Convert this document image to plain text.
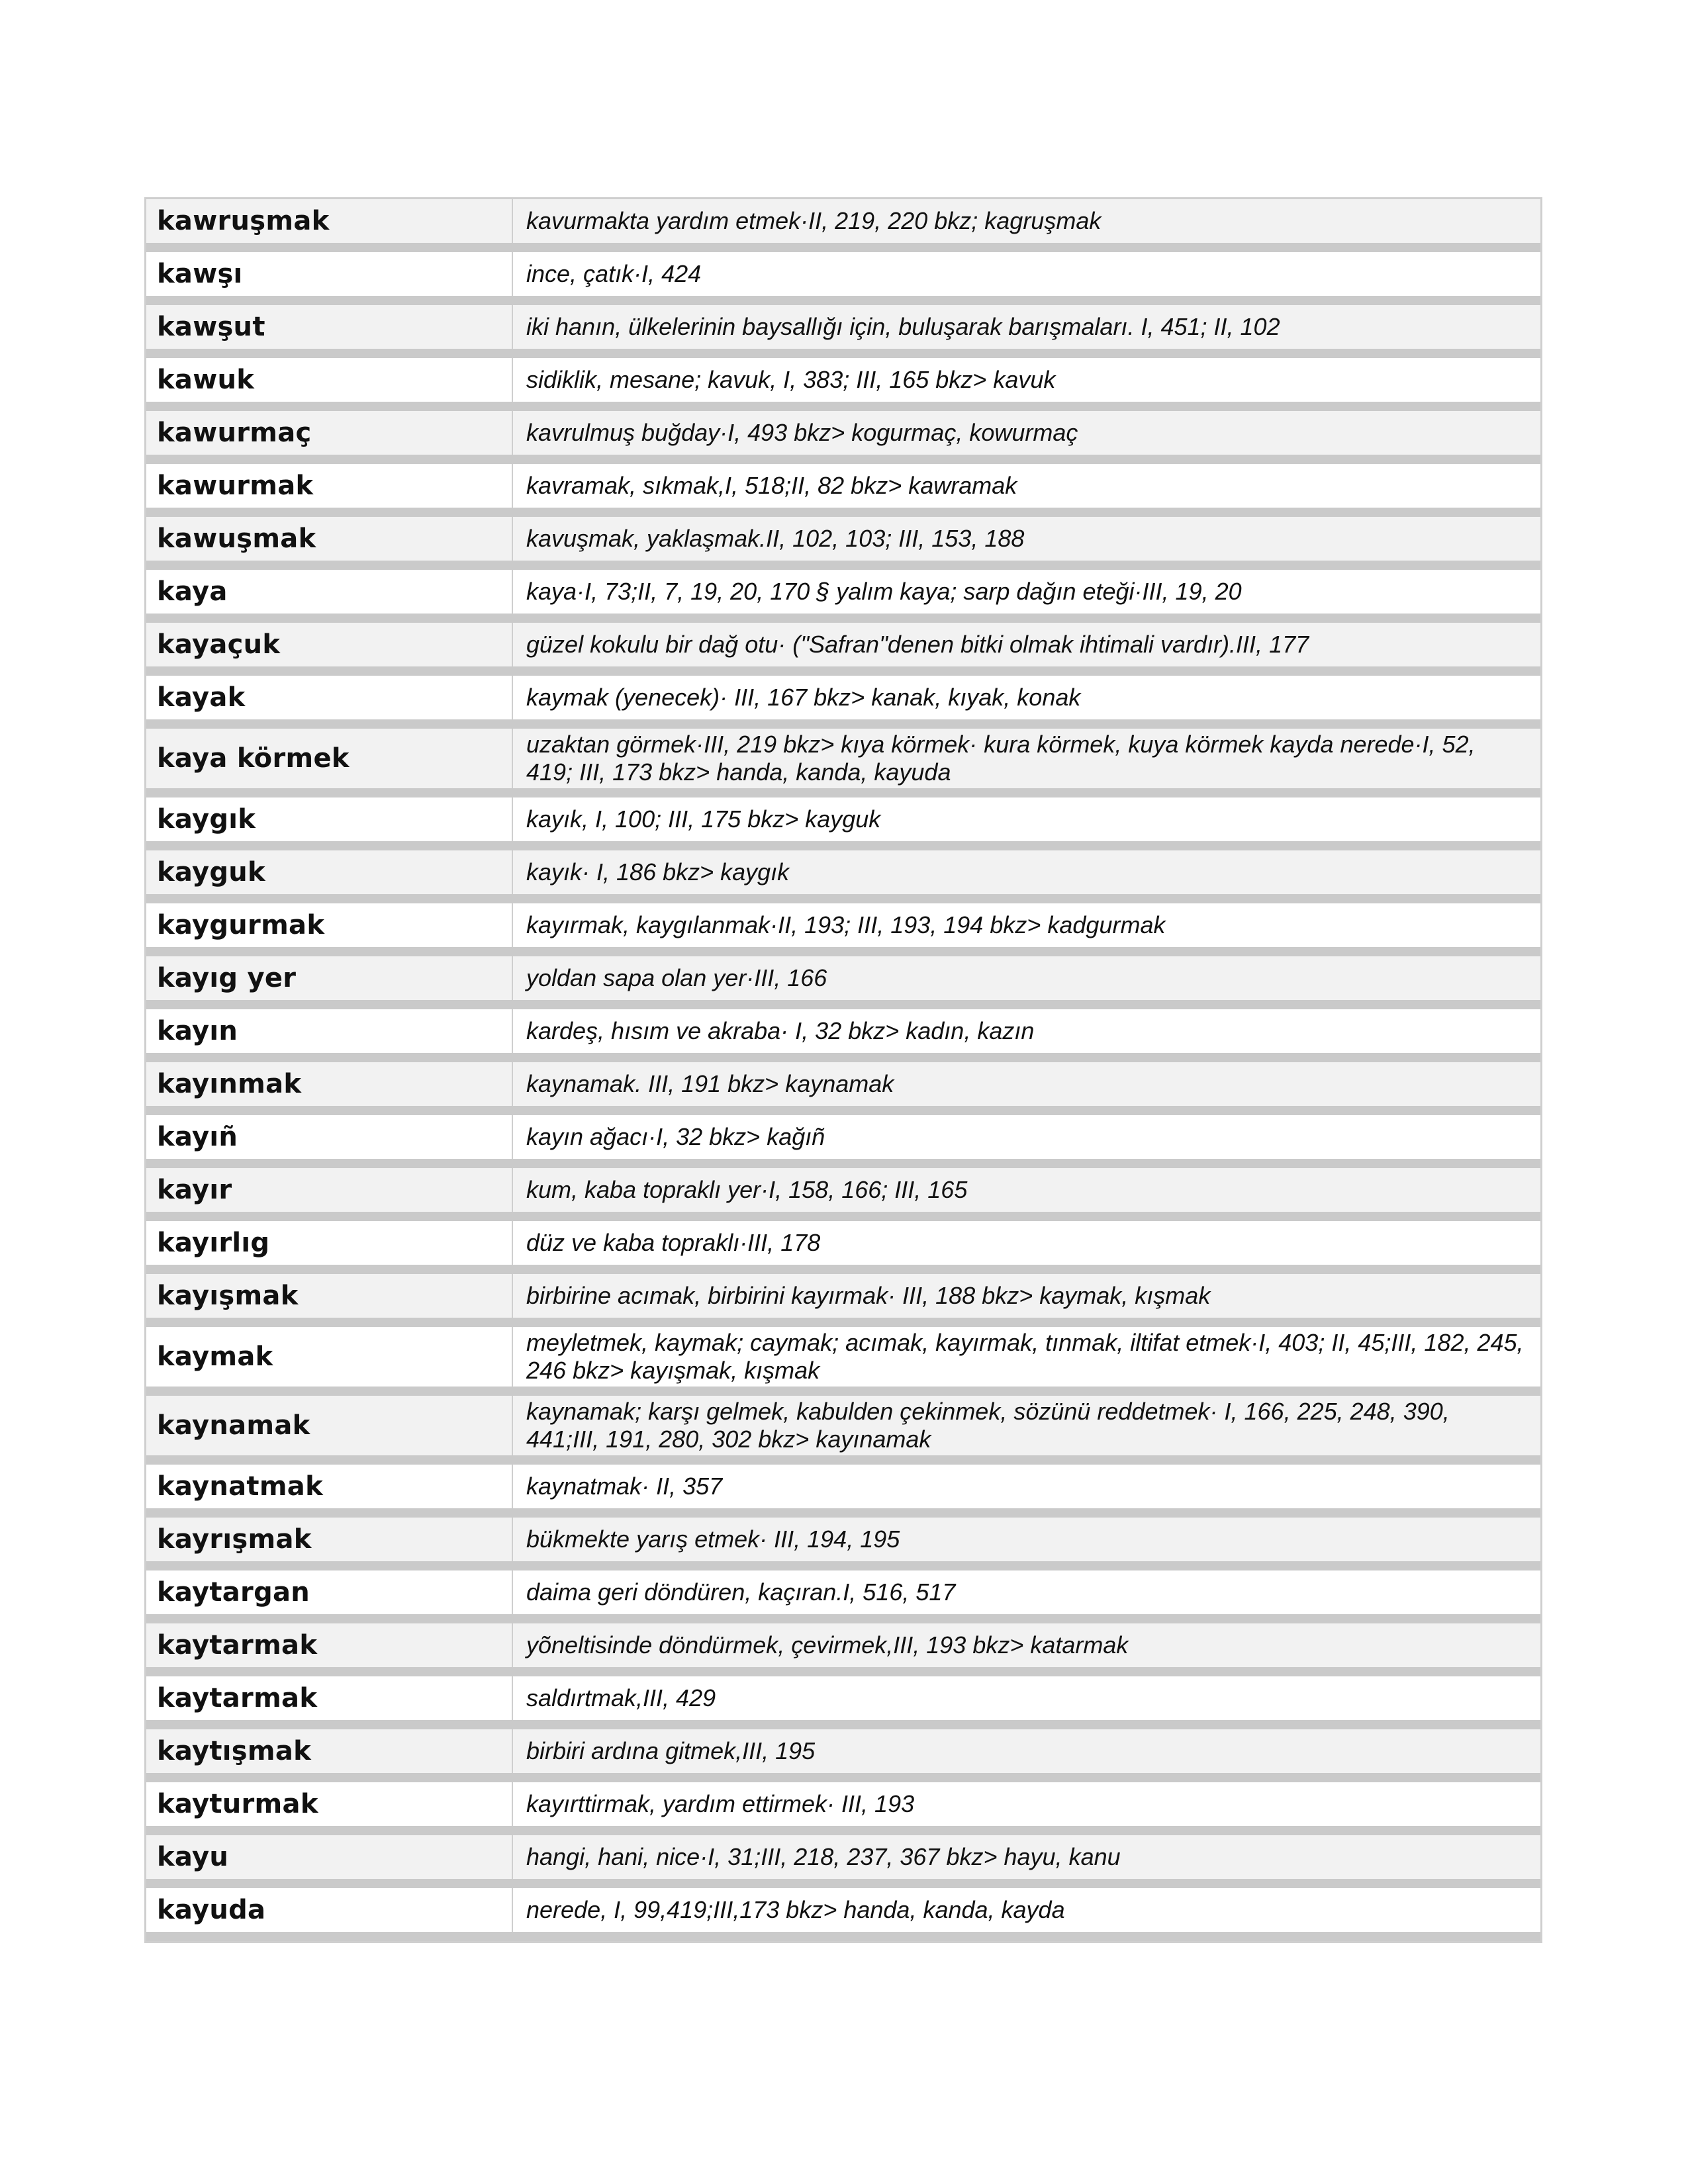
kawruşmak	kavurmakta yardım etmek·II, 219, 220 bkz; kagruşmak
kawşı	ince, çatık·I, 424
kawşut	iki hanın, ülkelerinin baysallığı için, buluşarak barışmaları. I, 451; II, 102
kawuk	sidiklik, mesane; kavuk, I, 383; III, 165 bkz> kavuk
kawurmaç	kavrulmuş buğday·I, 493 bkz> kogurmaç, kowurmaç
kawurmak	kavramak, sıkmak,I, 518;II, 82 bkz> kawramak
kawuşmak	kavuşmak, yaklaşmak.II, 102, 103; III, 153, 188
kaya	kaya·I, 73;II, 7, 19, 20, 170 § yalım kaya; sarp dağın eteği·III, 19, 20
kayaçuk	güzel kokulu bir dağ otu· ("Safran"denen bitki olmak ihtimali vardır).III, 177
kayak	kaymak (yenecek)· III, 167 bkz> kanak, kıyak, konak
kaya körmek	uzaktan görmek·III, 219 bkz> kıya körmek· kura körmek, kuya körmek kayda nerede·I, 52, 419; III, 173 bkz> handa, kanda, kayuda
kaygık	kayık, I, 100; III, 175 bkz> kayguk
kayguk	kayık· I, 186 bkz> kaygık
kaygurmak	kayırmak, kaygılanmak·II, 193; III, 193, 194 bkz> kadgurmak
kayıg yer	yoldan sapa olan yer·III, 166
kayın	kardeş, hısım ve akraba· I, 32 bkz> kadın, kazın
kayınmak	kaynamak. III, 191 bkz> kaynamak
kayıñ	kayın ağacı·I, 32 bkz> kağıñ
kayır	kum, kaba topraklı yer·I, 158, 166; III, 165
kayırlıg	düz ve kaba topraklı·III, 178
kayışmak	birbirine acımak, birbirini kayırmak· III, 188 bkz> kaymak, kışmak
kaymak	meyletmek, kaymak; caymak; acımak, kayırmak, tınmak, iltifat etmek·I, 403; II, 45;III, 182, 245, 246 bkz> kayışmak, kışmak
kaynamak	kaynamak; karşı gelmek, kabulden çekinmek, sözünü reddetmek· I, 166, 225, 248, 390, 441;III, 191, 280, 302 bkz> kayınamak
kaynatmak	kaynatmak· II, 357
kayrışmak	bükmekte yarış etmek· III, 194, 195
kaytargan	daima geri döndüren, kaçıran.I, 516, 517
kaytarmak	yõneltisinde döndürmek, çevirmek,III, 193 bkz> katarmak
kaytarmak	saldırtmak,III, 429
kaytışmak	birbiri ardına gitmek,III, 195
kayturmak	kayırttirmak, yardım ettirmek· III, 193
kayu	hangi, hani, nice·I, 31;III, 218, 237, 367 bkz> hayu, kanu
kayuda	nerede, I, 99,419;III,173 bkz> handa, kanda, kayda
